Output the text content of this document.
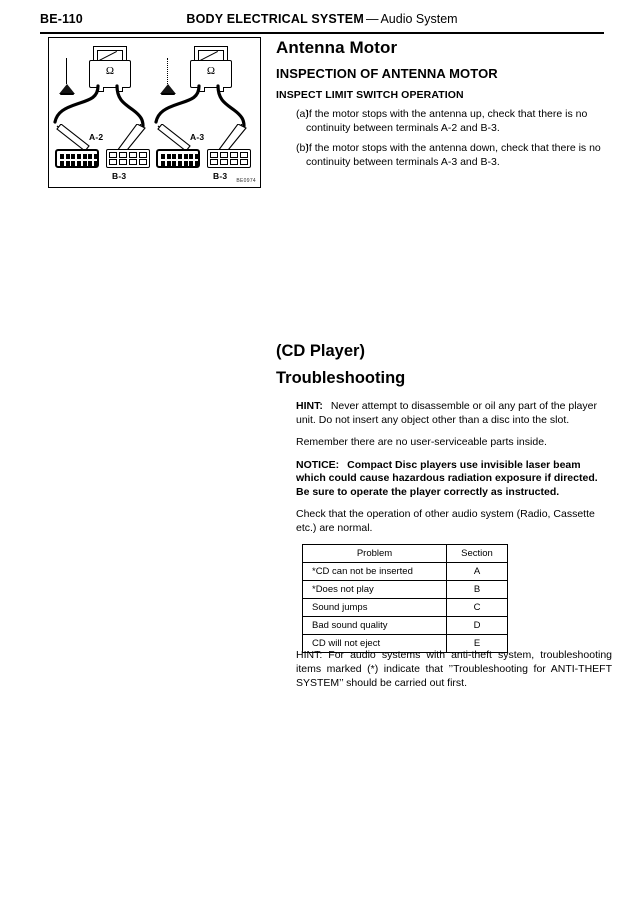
BE-110	BODY ELECTRICAL SYSTEM — Audio System
Ω
A-2
B-3
Ω
A-3
B-3 BE0974
Antenna Motor
INSPECTION OF ANTENNA MOTOR
INSPECT LIMIT SWITCH OPERATION
(a)
If the motor stops with the antenna up, check that there is no continuity between terminals A-2 and B-3.
(b)
If the motor stops with the antenna down, check that there is no continuity between terminals A-3 and B-3.
(CD Player)
Troubleshooting

HINT: Never attempt to disassemble or oil any part of the player unit. Do not insert any object other than a disc into the slot.

Remember there are no user-serviceable parts inside.

NOTICE: Compact Disc players use invisible laser beam which could cause hazardous radiation exposure if directed. Be sure to operate the player correctly as instructed.

Check that the operation of other audio system (Radio, Cassette etc.) are normal.

Problem	Section
*CD can not be inserted	A
*Does not play	B
Sound jumps	C
Bad sound quality	D
CD will not eject	E
HINT: For audio systems with anti-theft system, troubleshooting items marked (*) indicate that ’’Troubleshooting for ANTI-THEFT SYSTEM’’ should be carried out first.
